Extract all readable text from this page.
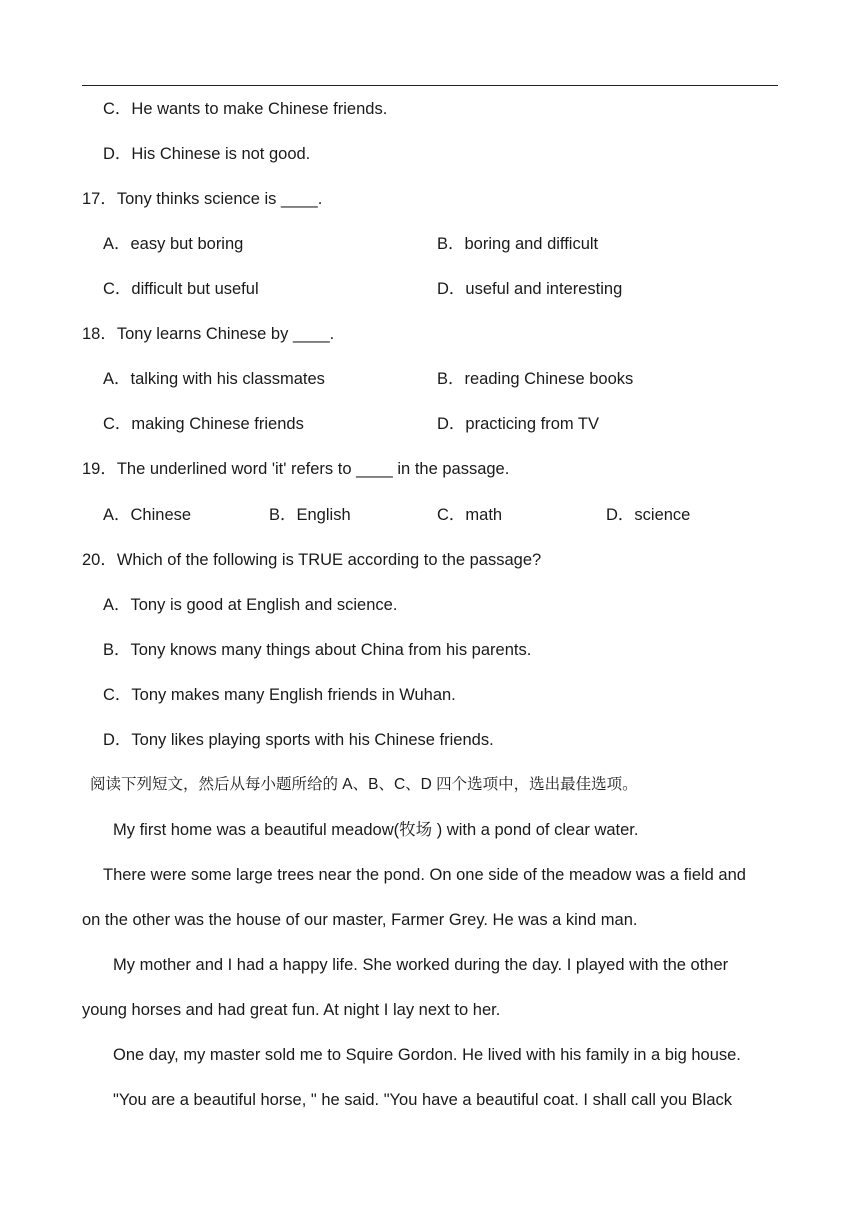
C．He wants to make Chinese friends.
D．His Chinese is not good.
17．Tony thinks science is ____.
A．easy but boring	B．boring and difficult
C．difficult but useful	D．useful and interesting
18．Tony learns Chinese by ____.
A．talking with his classmates	B．reading Chinese books
C．making Chinese friends	D．practicing from TV
19．The underlined word 'it' refers to ____ in the passage.
A．Chinese	B．English	C．math	D．science
20．Which of the following is TRUE according to the passage?
A．Tony is good at English and science.
B．Tony knows many things about China from his parents.
C．Tony makes many English friends in Wuhan.
D．Tony likes playing sports with his Chinese friends.
阅读下列短文，然后从每小题所给的 A、B、C、D 四个选项中，选出最佳选项。
My first home was a beautiful meadow(牧场 ) with a pond of clear water.
There were some large trees near the pond. On one side of the meadow was a field and
on the other was the house of our master, Farmer Grey. He was a kind man.
My mother and I had a happy life. She worked during the day. I played with the other
young horses and had great fun. At night I lay next to her.
One day, my master sold me to Squire Gordon. He lived with his family in a big house.
"You are a beautiful horse, " he said. "You have a beautiful coat. I shall call you Black
